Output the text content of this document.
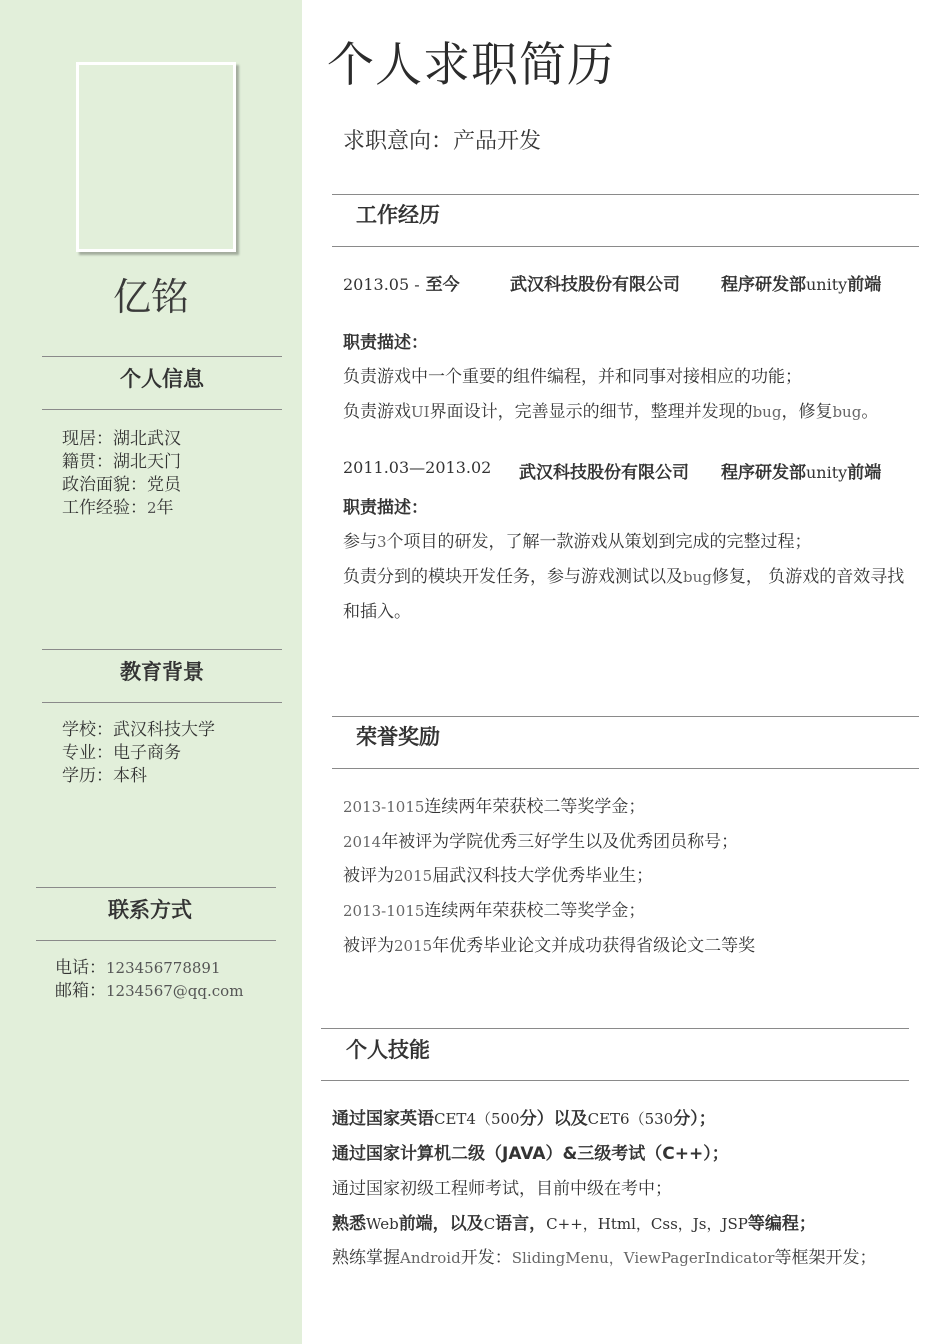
亿铭
个人信息
现居：湖北武汉
籍贯：湖北天门
政治面貌：党员
工作经验：2年
教育背景
学校：武汉科技大学
专业：电子商务
学历：本科
联系方式
电话：123456778891
邮箱：1234567@qq.com
个人求职简历
求职意向：产品开发
工作经历
2013.05 - 至今	武汉科技股份有限公司 程序研发部unity前端
职责描述：
负责游戏中一个重要的组件编程，并和同事对接相应的功能；
负责游戏UI界面设计，完善显示的细节，整理并发现的bug，修复bug。
2011.03—2013.02 武汉科技股份有限公司 程序研发部unity前端
职责描述：
参与3个项目的研发，了解一款游戏从策划到完成的完整过程；
负责分到的模块开发任务，参与游戏测试以及bug修复， 负游戏的音效寻找
和插入。
荣誉奖励
2013-1015连续两年荣获校二等奖学金；
2014年被评为学院优秀三好学生以及优秀团员称号；
被评为2015届武汉科技大学优秀毕业生；
2013-1015连续两年荣获校二等奖学金；
被评为2015年优秀毕业论文并成功获得省级论文二等奖
个人技能
通过国家英语CET4（500分）以及CET6（530分）；
通过国家计算机二级（JAVA）&三级考试（C++）；
通过国家初级工程师考试，目前中级在考中；
熟悉Web前端，以及C语言，C++，Html，Css，Js，JSP等编程；
熟练掌握Android开发：SlidingMenu，ViewPagerIndicator等框架开发；
